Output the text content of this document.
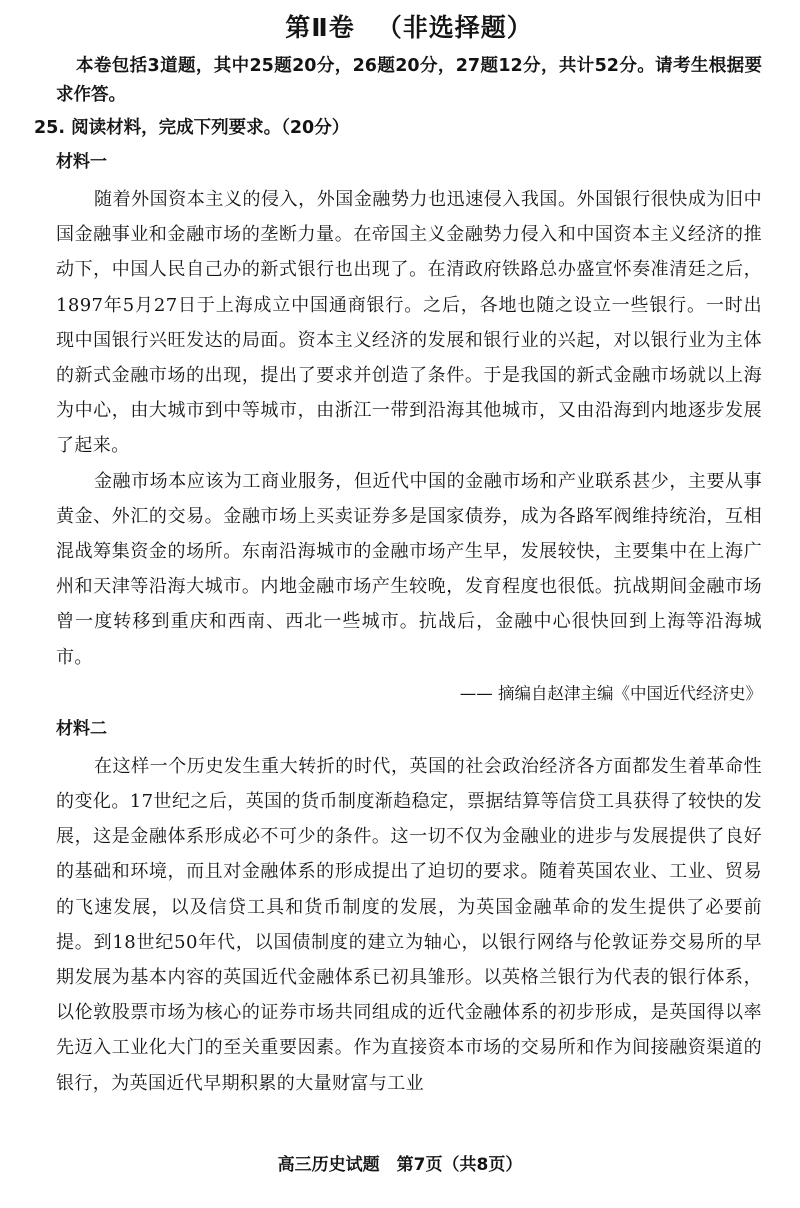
第Ⅱ卷 （非选择题）

本卷包括3道题，其中25题20分，26题20分，27题12分，共计52分。请考生根据要求作答。

25. 阅读材料，完成下列要求。（20分）
材料一

随着外国资本主义的侵入，外国金融势力也迅速侵入我国。外国银行很快成为旧中国金融事业和金融市场的垄断力量。在帝国主义金融势力侵入和中国资本主义经济的推动下，中国人民自己办的新式银行也出现了。在清政府铁路总办盛宣怀奏准清廷之后，1897年5月27日于上海成立中国通商银行。之后，各地也随之设立一些银行。一时出现中国银行兴旺发达的局面。资本主义经济的发展和银行业的兴起，对以银行业为主体的新式金融市场的出现，提出了要求并创造了条件。于是我国的新式金融市场就以上海为中心，由大城市到中等城市，由浙江一带到沿海其他城市，又由沿海到内地逐步发展了起来。

金融市场本应该为工商业服务，但近代中国的金融市场和产业联系甚少，主要从事黄金、外汇的交易。金融市场上买卖证券多是国家债券，成为各路军阀维持统治，互相混战筹集资金的场所。东南沿海城市的金融市场产生早，发展较快，主要集中在上海广州和天津等沿海大城市。内地金融市场产生较晚，发育程度也很低。抗战期间金融市场曾一度转移到重庆和西南、西北一些城市。抗战后，金融中心很快回到上海等沿海城市。

—— 摘编自赵津主编《中国近代经济史》
材料二

在这样一个历史发生重大转折的时代，英国的社会政治经济各方面都发生着革命性的变化。17世纪之后，英国的货币制度渐趋稳定，票据结算等信贷工具获得了较快的发展，这是金融体系形成必不可少的条件。这一切不仅为金融业的进步与发展提供了良好的基础和环境，而且对金融体系的形成提出了迫切的要求。随着英国农业、工业、贸易的飞速发展，以及信贷工具和货币制度的发展，为英国金融革命的发生提供了必要前提。到18世纪50年代，以国债制度的建立为轴心，以银行网络与伦敦证券交易所的早期发展为基本内容的英国近代金融体系已初具雏形。以英格兰银行为代表的银行体系，以伦敦股票市场为核心的证券市场共同组成的近代金融体系的初步形成，是英国得以率先迈入工业化大门的至关重要因素。作为直接资本市场的交易所和作为间接融资渠道的银行，为英国近代早期积累的大量财富与工业

高三历史试题　第7页（共8页）
